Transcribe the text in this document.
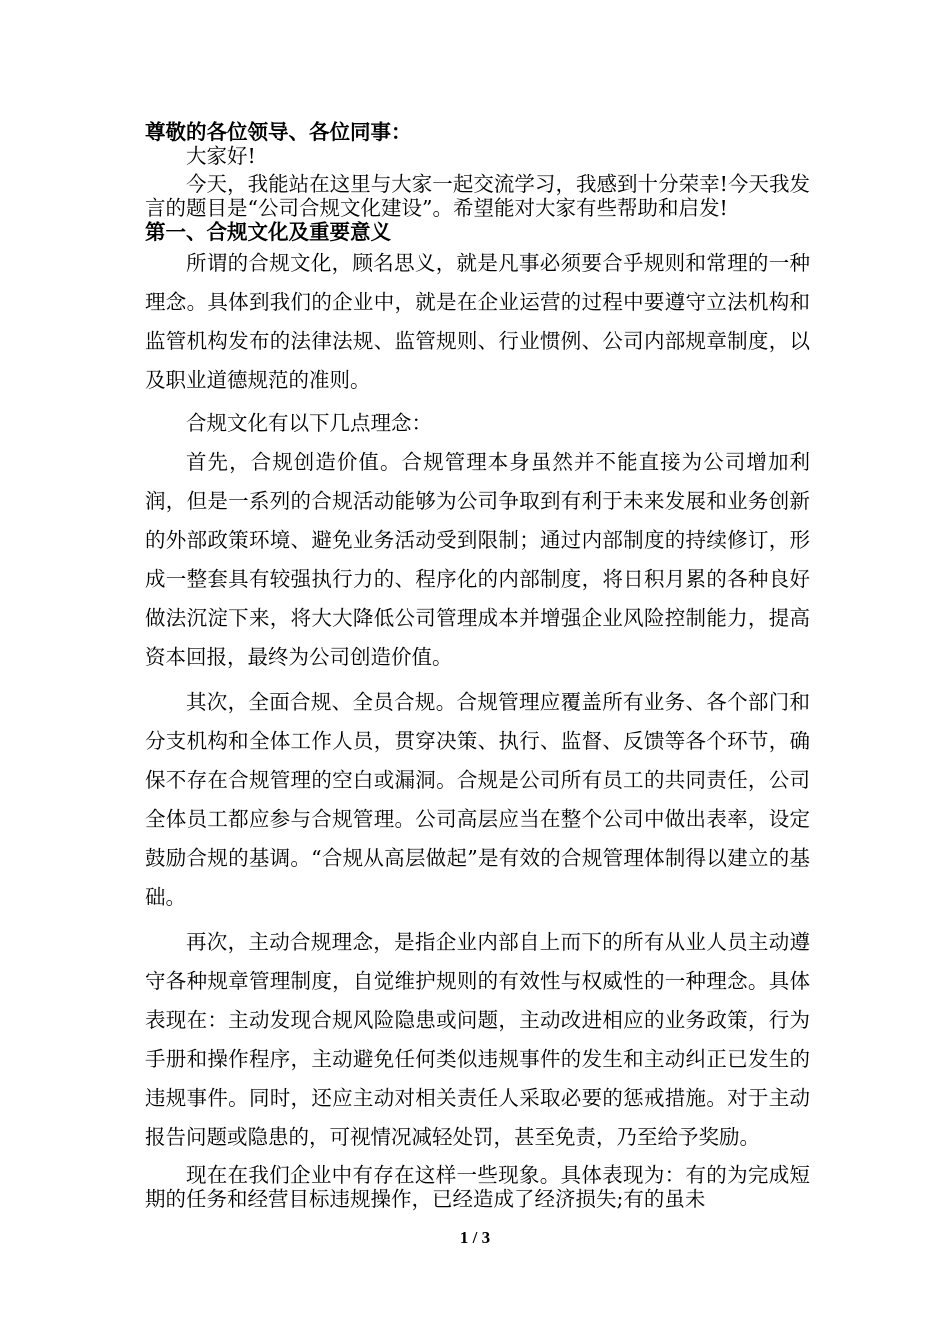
尊敬的各位领导、各位同事：

大家好!

今天，我能站在这里与大家一起交流学习，我感到十分荣幸!今天我发言的题目是“公司合规文化建设”。希望能对大家有些帮助和启发!

第一、合规文化及重要意义

所谓的合规文化，顾名思义，就是凡事必须要合乎规则和常理的一种理念。具体到我们的企业中，就是在企业运营的过程中要遵守立法机构和监管机构发布的法律法规、监管规则、行业惯例、公司内部规章制度，以及职业道德规范的准则。

合规文化有以下几点理念：

首先，合规创造价值。合规管理本身虽然并不能直接为公司增加利润，但是一系列的合规活动能够为公司争取到有利于未来发展和业务创新的外部政策环境、避免业务活动受到限制；通过内部制度的持续修订，形成一整套具有较强执行力的、程序化的内部制度，将日积月累的各种良好做法沉淀下来，将大大降低公司管理成本并增强企业风险控制能力，提高资本回报，最终为公司创造价值。

其次，全面合规、全员合规。合规管理应覆盖所有业务、各个部门和分支机构和全体工作人员，贯穿决策、执行、监督、反馈等各个环节，确保不存在合规管理的空白或漏洞。合规是公司所有员工的共同责任，公司全体员工都应参与合规管理。公司高层应当在整个公司中做出表率，设定鼓励合规的基调。“合规从高层做起”是有效的合规管理体制得以建立的基础。

再次，主动合规理念，是指企业内部自上而下的所有从业人员主动遵守各种规章管理制度，自觉维护规则的有效性与权威性的一种理念。具体表现在：主动发现合规风险隐患或问题，主动改进相应的业务政策，行为手册和操作程序，主动避免任何类似违规事件的发生和主动纠正已发生的违规事件。同时，还应主动对相关责任人采取必要的惩戒措施。对于主动报告问题或隐患的，可视情况减轻处罚，甚至免责，乃至给予奖励。

现在在我们企业中有存在这样一些现象。具体表现为：有的为完成短期的任务和经营目标违规操作，已经造成了经济损失;有的虽未

1 / 3
